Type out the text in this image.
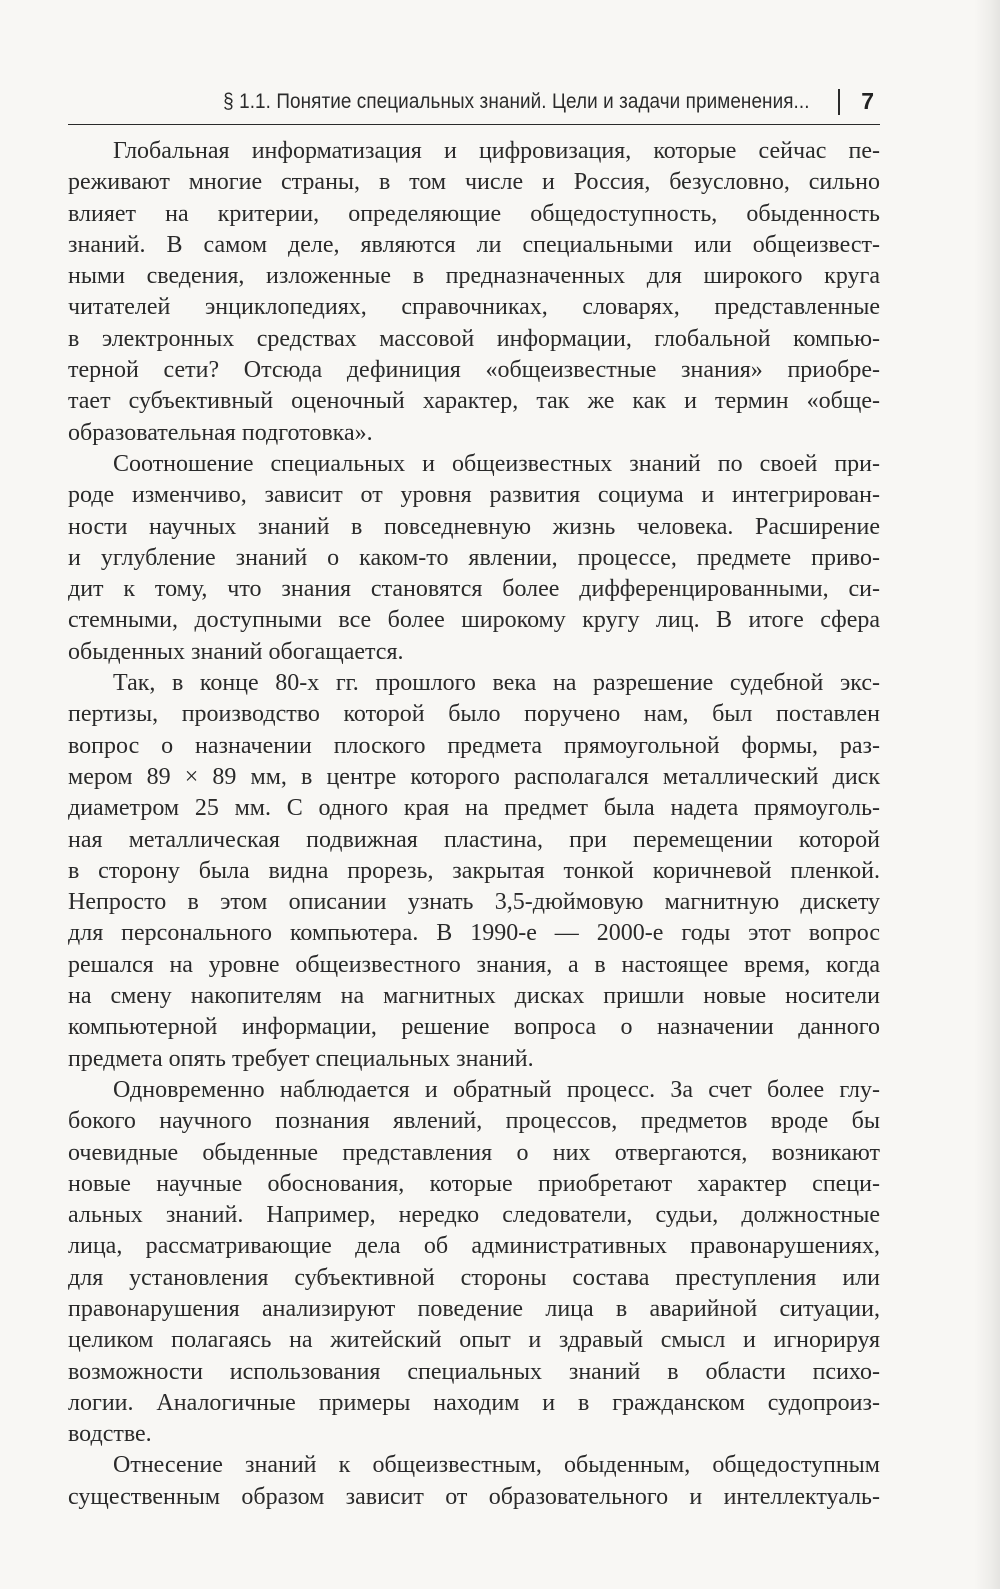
§ 1.1. Понятие специальных знаний. Цели и задачи применения... 7
Глобальная информатизация и цифровизация, которые сейчас пе-
реживают многие страны, в том числе и Россия, безусловно, сильно
влияет на критерии, определяющие общедоступность, обыденность
знаний. В самом деле, являются ли специальными или общеизвест-
ными сведения, изложенные в предназначенных для широкого круга
читателей энциклопедиях, справочниках, словарях, представленные
в электронных средствах массовой информации, глобальной компью-
терной сети? Отсюда дефиниция «общеизвестные знания» приобре-
тает субъективный оценочный характер, так же как и термин «обще-
образовательная подготовка».
Соотношение специальных и общеизвестных знаний по своей при-
роде изменчиво, зависит от уровня развития социума и интегрирован-
ности научных знаний в повседневную жизнь человека. Расширение
и углубление знаний о каком-то явлении, процессе, предмете приво-
дит к тому, что знания становятся более дифференцированными, си-
стемными, доступными все более широкому кругу лиц. В итоге сфера
обыденных знаний обогащается.
Так, в конце 80-х гг. прошлого века на разрешение судебной экс-
пертизы, производство которой было поручено нам, был поставлен
вопрос о назначении плоского предмета прямоугольной формы, раз-
мером 89 × 89 мм, в центре которого располагался металлический диск
диаметром 25 мм. С одного края на предмет была надета прямоуголь-
ная металлическая подвижная пластина, при перемещении которой
в сторону была видна прорезь, закрытая тонкой коричневой пленкой.
Непросто в этом описании узнать 3,5-дюймовую магнитную дискету
для персонального компьютера. В 1990-е — 2000-е годы этот вопрос
решался на уровне общеизвестного знания, а в настоящее время, когда
на смену накопителям на магнитных дисках пришли новые носители
компьютерной информации, решение вопроса о назначении данного
предмета опять требует специальных знаний.
Одновременно наблюдается и обратный процесс. За счет более глу-
бокого научного познания явлений, процессов, предметов вроде бы
очевидные обыденные представления о них отвергаются, возникают
новые научные обоснования, которые приобретают характер специ-
альных знаний. Например, нередко следователи, судьи, должностные
лица, рассматривающие дела об административных правонарушениях,
для установления субъективной стороны состава преступления или
правонарушения анализируют поведение лица в аварийной ситуации,
целиком полагаясь на житейский опыт и здравый смысл и игнорируя
возможности использования специальных знаний в области психо-
логии. Аналогичные примеры находим и в гражданском судопроиз-
водстве.
Отнесение знаний к общеизвестным, обыденным, общедоступным
существенным образом зависит от образовательного и интеллектуаль-
